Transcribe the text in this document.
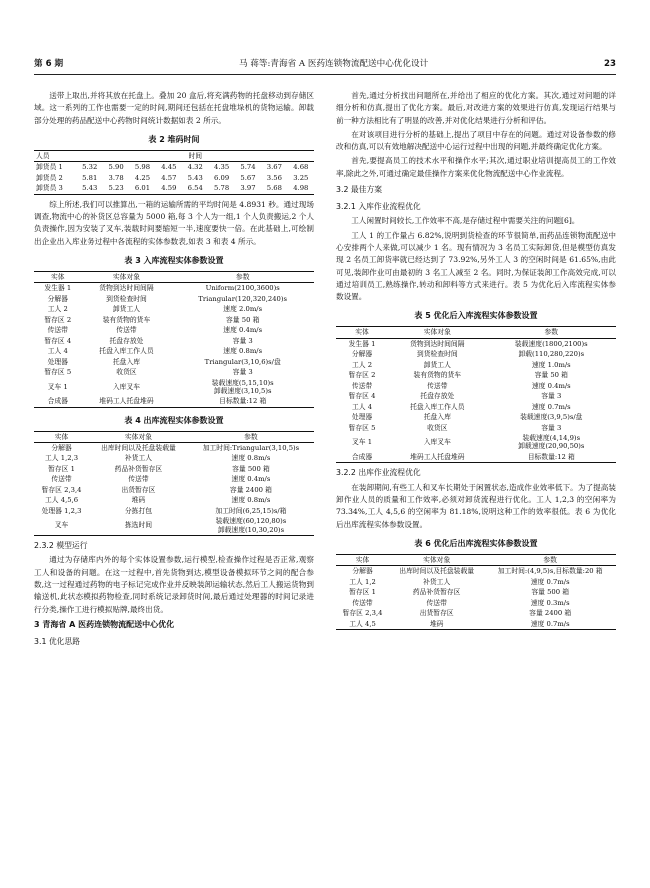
第 6 期	马 蒋等:青海省 A 医药连锁物流配送中心优化设计	23

送带上取出,并将其放在托盘上。叠加 20 盒后,将充满药物的托盘移动到存储区域。这一系列的工作也需要一定的时间,期间还包括在托盘堆垛机的货物运输。卸载部分处理的药品配送中心药物时间统计数据如表 2 所示。

表 2 堆码时间
人员	时间								
卸货员 1	5.32	5.90	5.98	4.45	4.32	4.35	5.74	3.67	4.68
卸货员 2	5.81	3.78	4.25	4.57	5.43	6.09	5.67	3.56	3.25
卸货员 3	5.43	5.23	6.01	4.59	6.54	5.78	3.97	5.68	4.98

综上所述,我们可以推算出,一箱的运输所需的平均时间是 4.8931 秒。通过现场调查,物流中心的补货区总容量为 5000 箱,每 3 个人为一组,1 个人负责搬运,2 个人负责操作,因为安装了叉车,装载时间要缩短一半,速度要快一倍。在此基础上,可绘制出企业出入库业务过程中各流程的实体参数表,如表 3 和表 4 所示。

表 3 入库流程实体参数设置
实体	实体对象	参数
发生器 1	货物到达时间间隔	Uniform(2100,3600)s
分解器	到货检查时间	Triangular(120,320,240)s
工人 2	卸货工人	速度 2.0m/s
暂存区 2	装有货物的货车	容量 50 箱
传送带	传送带	速度 0.4m/s
暂存区 4	托盘存放处	容量 3
工人 4	托盘入库工作人员	速度 0.8m/s
处理器	托盘入库	Triangular(3,10,6)s/盘
暂存区 5	收货区	容量 3
叉车 1	入库叉车	装载速度(5,15,10)s
卸载速度(3,10,5)s
合成器	堆码工人托盘堆码	目标数量:12 箱
表 4 出库流程实体参数设置
实体	实体对象	参数
分解器	出库时间以及托盘装载量	加工时间:Triangular(3,10,5)s
工人 1,2,3	补货工人	速度 0.8m/s
暂存区 1	药品补货暂存区	容量 500 箱
传送带	传送带	速度 0.4m/s
暂存区 2,3,4	出货暂存区	容量 2400 箱
工人 4,5,6	堆码	速度 0.8m/s
处理器 1,2,3	分拣打包	加工时间(6,25,15)s/箱
叉车	拣选时间	装载速度(60,120,80)s
卸载速度(10,30,20)s
2.3.2 模型运行

通过为存储库内外的每个实体设置参数,运行模型,检查操作过程是否正常,观察工人和设备的问题。在这一过程中,首先货物到达,模型设备模拟环节之间的配合参数,这一过程通过药物的电子标记完成作业并反映装卸运输状态,然后工人搬运货物到输送机,此状态模拟药物检查,同时系统记录卸货时间,最后通过处理器的时间记录进行分类,操作工进行模拟贴牌,最终出货。

3 青海省 A 医药连锁物流配送中心优化
3.1 优化思路

首先,通过分析找出问题所在,并给出了相应的优化方案。其次,通过对问题的详细分析和仿真,提出了优化方案。最后,对改进方案的效果进行仿真,发现运行结果与前一种方法相比有了明显的改善,并对优化结果进行分析和评估。

在对该项目进行分析的基础上,提出了项目中存在的问题。通过对设备参数的修改和仿真,可以有效地解决配送中心运行过程中出现的问题,并最终确定优化方案。

首先,要提高员工的技术水平和操作水平;其次,通过职业培训提高员工的工作效率,除此之外,可通过确定最佳操作方案来优化物流配送中心作业流程。

3.2 最佳方案
3.2.1 入库作业流程优化

工人闲置时间较长,工作效率不高,是存储过程中需要关注的问题[6]。

工人 1 的工作量占 6.82%,说明到货检查的环节很简单,而药品连锁物流配送中心安排两个人来做,可以减少 1 名。现有情况为 3 名员工实际卸货,但是模型仿真发现 2 名员工卸货率就已经达到了 73.92%,另外工人 3 的空闲时间是 61.65%,由此可见,装卸作业可由最初的 3 名工人减至 2 名。同时,为保证装卸工作高效完成,可以通过培训员工,熟练操作,转动和卸料等方式来进行。表 5 为优化后入库流程实体参数设置。

表 5 优化后入库流程实体参数设置
实体	实体对象	参数
发生器 1	货物到达时间间隔	装载速度(1800,2100)s
分解器	到货检查时间	卸载(110,280,220)s
工人 2	卸货工人	速度 1.0m/s
暂存区 2	装有货物的货车	容量 50 箱
传送带	传送带	速度 0.4m/s
暂存区 4	托盘存放处	容量 3
工人 4	托盘入库工作人员	速度 0.7m/s
处理器	托盘入库	装载速度(3,9,5)s/盘
暂存区 5	收货区	容量 3
叉车 1	入库叉车	装载速度(4,14,9)s
卸载速度(20,90,50)s
合成器	堆码工人托盘堆码	目标数量:12 箱
3.2.2 出库作业流程优化

在装卸期间,有些工人和叉车长期处于闲置状态,造成作业效率低下。为了提高装卸作业人员的质量和工作效率,必须对卸货流程进行优化。工人 1,2,3 的空闲率为 73.34%,工人 4,5,6 的空闲率为 81.18%,说明这种工作的效率很低。表 6 为优化后出库流程实体参数设置。

表 6 优化后出库流程实体参数设置
实体	实体对象	参数
分解器	出库时间以及托盘装载量	加工时间:(4,9,5)s,目标数量:20 箱
工人 1,2	补货工人	速度 0.7m/s
暂存区 1	药品补货暂存区	容量 500 箱
传送带	传送带	速度 0.3m/s
暂存区 2,3,4	出货暂存区	容量 2400 箱
工人 4,5	堆码	速度 0.7m/s
